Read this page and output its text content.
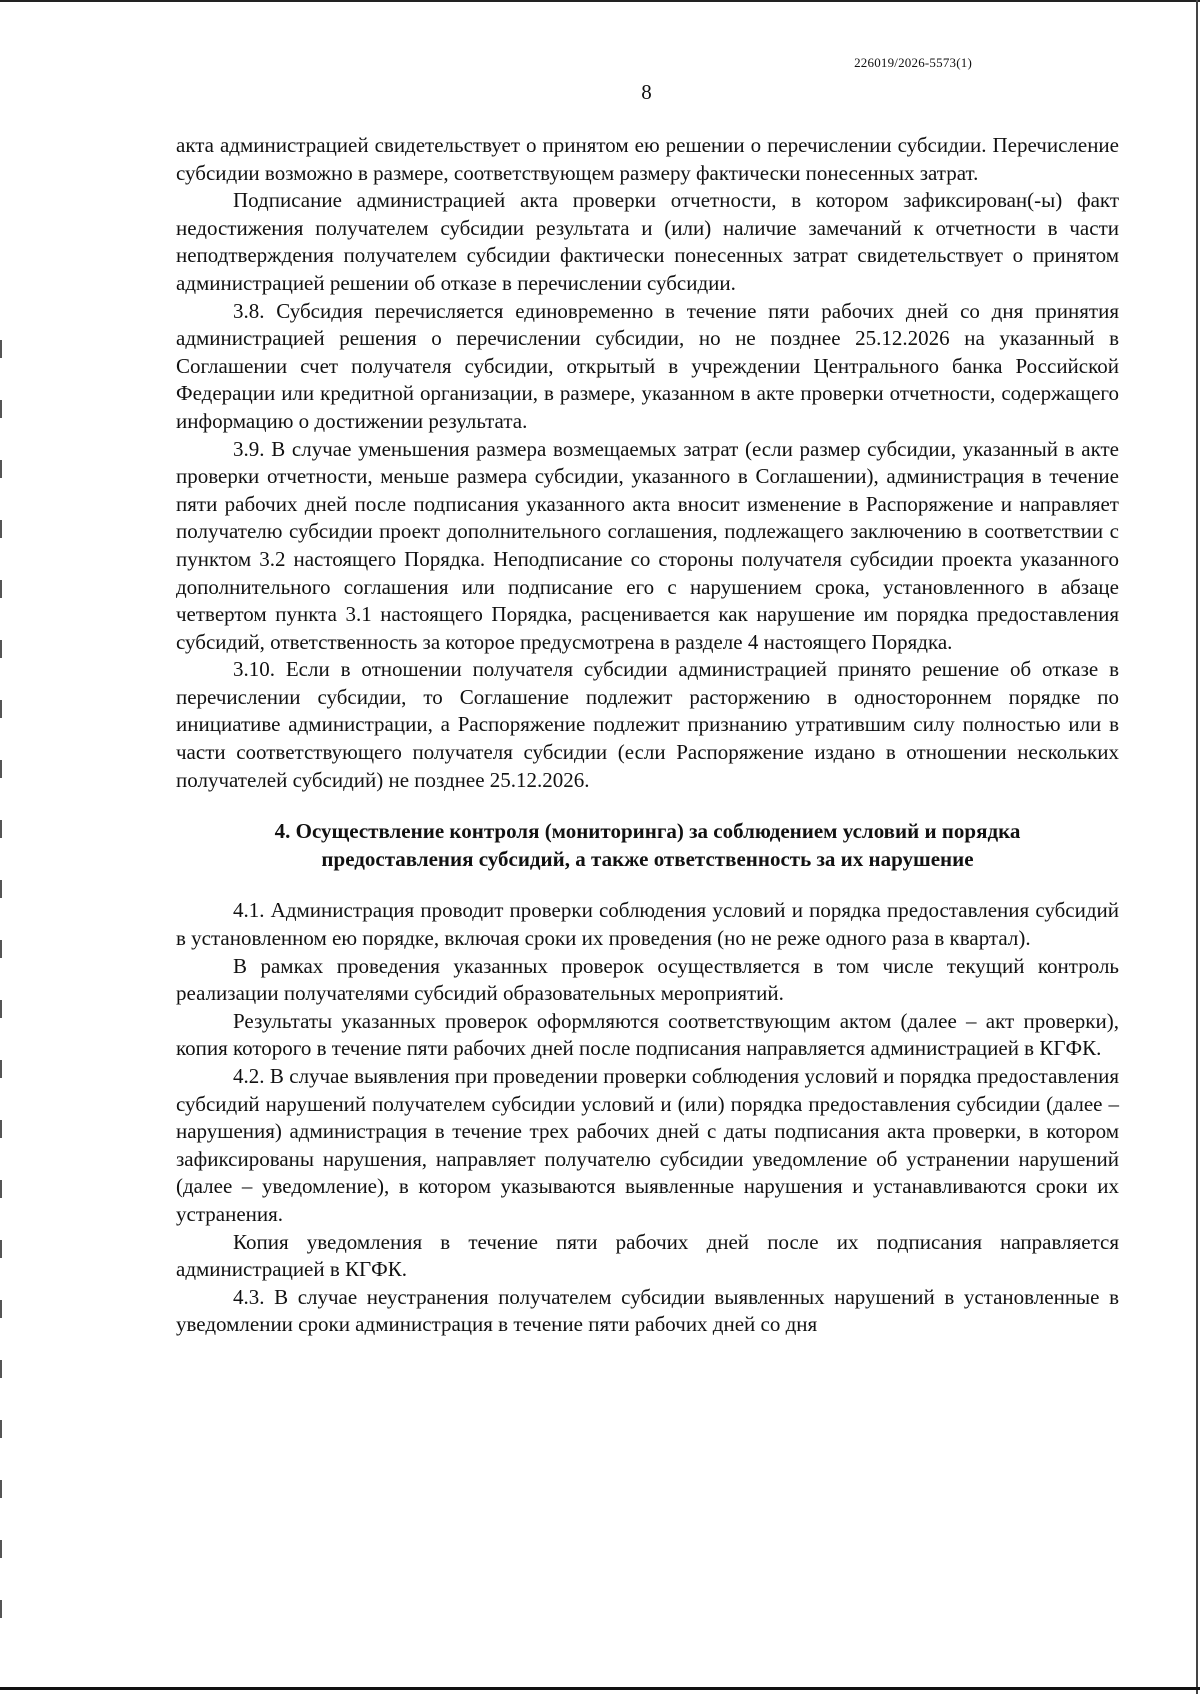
226019/2026-5573(1)
8

акта администрацией свидетельствует о принятом ею решении о перечислении субсидии. Перечисление субсидии возможно в размере, соответствующем размеру фактически понесенных затрат.

Подписание администрацией акта проверки отчетности, в котором зафиксирован(-ы) факт недостижения получателем субсидии результата и (или) наличие замечаний к отчетности в части неподтверждения получателем субсидии фактически понесенных затрат свидетельствует о принятом администрацией решении об отказе в перечислении субсидии.

3.8. Субсидия перечисляется единовременно в течение пяти рабочих дней со дня принятия администрацией решения о перечислении субсидии, но не позднее 25.12.2026 на указанный в Соглашении счет получателя субсидии, открытый в учреждении Центрального банка Российской Федерации или кредитной организации, в размере, указанном в акте проверки отчетности, содержащего информацию о достижении результата.

3.9. В случае уменьшения размера возмещаемых затрат (если размер субсидии, указанный в акте проверки отчетности, меньше размера субсидии, указанного в Соглашении), администрация в течение пяти рабочих дней после подписания указанного акта вносит изменение в Распоряжение и направляет получателю субсидии проект дополнительного соглашения, подлежащего заключению в соответствии с пунктом 3.2 настоящего Порядка. Неподписание со стороны получателя субсидии проекта указанного дополнительного соглашения или подписание его с нарушением срока, установленного в абзаце четвертом пункта 3.1 настоящего Порядка, расценивается как нарушение им порядка предоставления субсидий, ответственность за которое предусмотрена в разделе 4 настоящего Порядка.

3.10. Если в отношении получателя субсидии администрацией принято решение об отказе в перечислении субсидии, то Соглашение подлежит расторжению в одностороннем порядке по инициативе администрации, а Распоряжение подлежит признанию утратившим силу полностью или в части соответствующего получателя субсидии (если Распоряжение издано в отношении нескольких получателей субсидий) не позднее 25.12.2026.

4. Осуществление контроля (мониторинга) за соблюдением условий и порядка
предоставления субсидий, а также ответственность за их нарушение

4.1. Администрация проводит проверки соблюдения условий и порядка предоставления субсидий в установленном ею порядке, включая сроки их проведения (но не реже одного раза в квартал).

В рамках проведения указанных проверок осуществляется в том числе текущий контроль реализации получателями субсидий образовательных мероприятий.

Результаты указанных проверок оформляются соответствующим актом (далее – акт проверки), копия которого в течение пяти рабочих дней после подписания направляется администрацией в КГФК.

4.2. В случае выявления при проведении проверки соблюдения условий и порядка предоставления субсидий нарушений получателем субсидии условий и (или) порядка предоставления субсидии (далее – нарушения) администрация в течение трех рабочих дней с даты подписания акта проверки, в котором зафиксированы нарушения, направляет получателю субсидии уведомление об устранении нарушений (далее – уведомление), в котором указываются выявленные нарушения и устанавливаются сроки их устранения.

Копия уведомления в течение пяти рабочих дней после их подписания направляется администрацией в КГФК.

4.3. В случае неустранения получателем субсидии выявленных нарушений в установленные в уведомлении сроки администрация в течение пяти рабочих дней со дня
